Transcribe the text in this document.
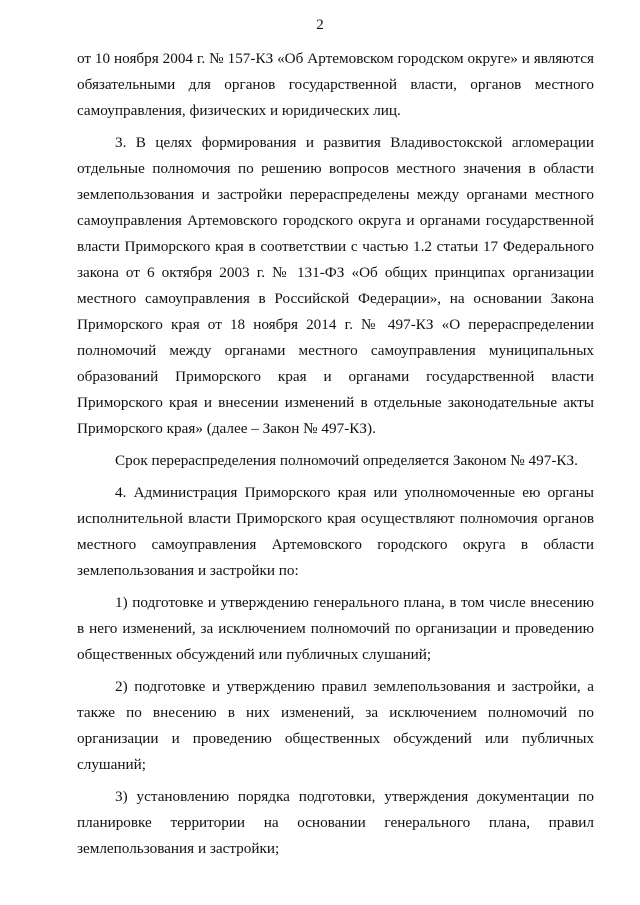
2

от 10 ноября 2004 г. № 157-КЗ «Об Артемовском городском округе» и являются обязательными для органов государственной власти, органов местного самоуправления, физических и юридических лиц.

3. В целях формирования и развития Владивостокской агломерации отдельные полномочия по решению вопросов местного значения в области землепользования и застройки перераспределены между органами местного самоуправления Артемовского городского округа и органами государственной власти Приморского края в соответствии с частью 1.2 статьи 17 Федерального закона от 6 октября 2003 г. № 131-ФЗ «Об общих принципах организации местного самоуправления в Российской Федерации», на основании Закона Приморского края от 18 ноября 2014 г. № 497-КЗ «О перераспределении полномочий между органами местного самоуправления муниципальных образований Приморского края и органами государственной власти Приморского края и внесении изменений в отдельные законодательные акты Приморского края» (далее – Закон № 497-КЗ).

Срок перераспределения полномочий определяется Законом № 497-КЗ.

4. Администрация Приморского края или уполномоченные ею органы исполнительной власти Приморского края осуществляют полномочия органов местного самоуправления Артемовского городского округа в области землепользования и застройки по:

1) подготовке и утверждению генерального плана, в том числе внесению в него изменений, за исключением полномочий по организации и проведению общественных обсуждений или публичных слушаний;

2) подготовке и утверждению правил землепользования и застройки, а также по внесению в них изменений, за исключением полномочий по организации и проведению общественных обсуждений или публичных слушаний;

3) установлению порядка подготовки, утверждения документации по планировке территории на основании генерального плана, правил землепользования и застройки;
